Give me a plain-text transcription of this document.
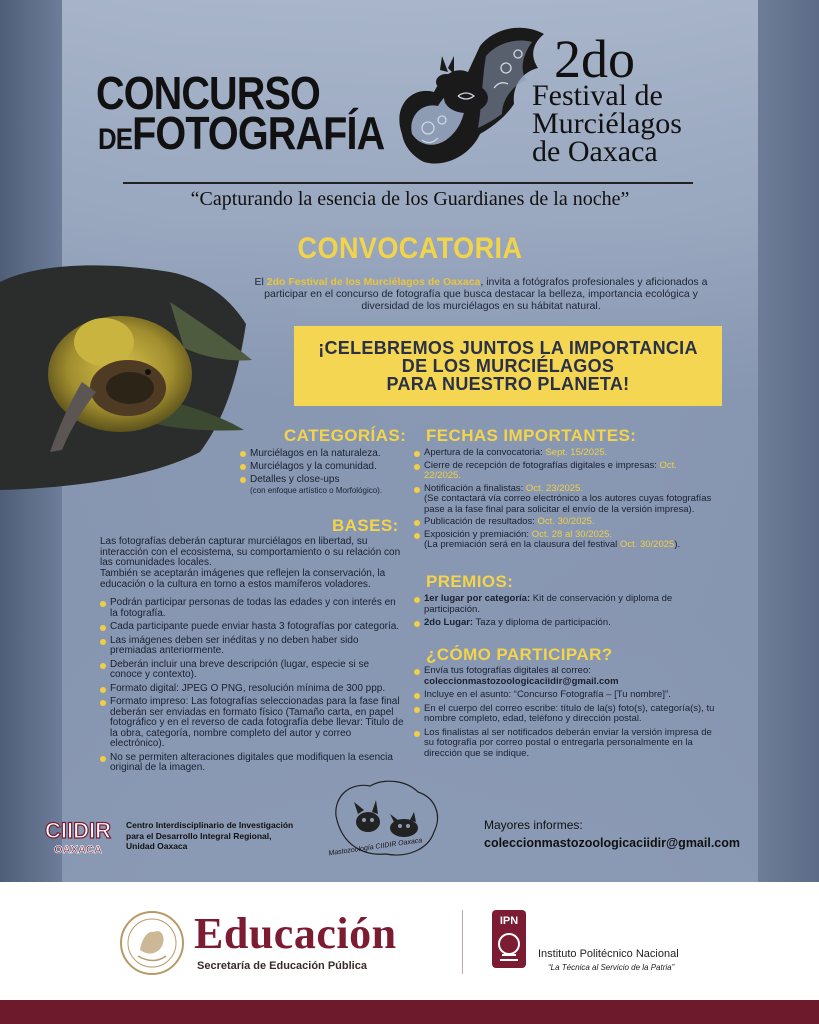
CONCURSO
DEFOTOGRAFÍA
2do
Festival de
Murciélagos
de Oaxaca
“Capturando la esencia de los Guardianes de la noche”
CONVOCATORIA
El 2do Festival de los Murciélagos de Oaxaca, invita a fotógrafos profesionales y aficionados a participar en el concurso de fotografía que busca destacar la belleza, importancia ecológica y diversidad de los murciélagos en su hábitat natural.
¡CELEBREMOS JUNTOS LA IMPORTANCIA
DE LOS MURCIÉLAGOS
PARA NUESTRO PLANETA!
CATEGORÍAS:
Murciélagos en la naturaleza.
Murciélagos y la comunidad.
Detalles y close-ups
(con enfoque artístico o Morfológico).
BASES:
Las fotografías deberán capturar murciélagos en libertad, su interacción con el ecosistema, su comportamiento o su relación con las comunidades locales.
También se aceptarán imágenes que reflejen la conservación, la educación o la cultura en torno a estos mamíferos voladores.
Podrán participar personas de todas las edades y con interés en la fotografía.
Cada participante puede enviar hasta 3 fotografías por categoría.
Las imágenes deben ser inéditas y no deben haber sido premiadas anteriormente.
Deberán incluir una breve descripción (lugar, especie si se conoce y contexto).
Formato digital: JPEG O PNG, resolución mínima de 300 ppp.
Formato impreso: Las fotografías seleccionadas para la fase final deberán ser enviadas en formato físico (Tamaño carta, en papel fotográfico y en el reverso de cada fotografía debe llevar: Titulo de la obra, categoría, nombre completo del autor y correo electrónico).
No se permiten alteraciones digitales que modifiquen la esencia original de la imagen.
FECHAS IMPORTANTES:
Apertura de la convocatoria: Sept. 15/2025.
Cierre de recepción de fotografías digitales e impresas: Oct. 22/2025.
Notificación a finalistas: Oct. 23/2025.
(Se contactará vía correo electrónico a los autores cuyas fotografías pase a la fase final para solicitar el envío de la versión impresa).
Publicación de resultados: Oct. 30/2025.
Exposición y premiación: Oct. 28 al 30/2025.
(La premiación será en la clausura del festival Oct. 30/2025).
PREMIOS:
1er lugar por categoría: Kit de conservación y diploma de participación.
2do Lugar: Taza y diploma de participación.
¿CÓMO PARTICIPAR?
Envía tus fotografías digitales al correo:
coleccionmastozoologicaciidir@gmail.com
Incluye en el asunto: “Concurso Fotografía – [Tu nombre]”.
En el cuerpo del correo escribe: título de la(s) foto(s), categoría(s), tu nombre completo, edad, teléfono y dirección postal.
Los finalistas al ser notificados deberán enviar la versión impresa de su fotografía por correo postal o entregarla personalmente en la dirección que se indique.
CIIDIR
OAXACA
Centro Interdisciplinario de Investigación
para el Desarrollo Integral Regional,
Unidad Oaxaca	Mastozoología CIIDIR Oaxaca
Mayores informes:
coleccionmastozoologicaciidir@gmail.com
Educación
Secretaría de Educación Pública
IPN
Instituto Politécnico Nacional
“La Técnica al Servicio de la Patria”
